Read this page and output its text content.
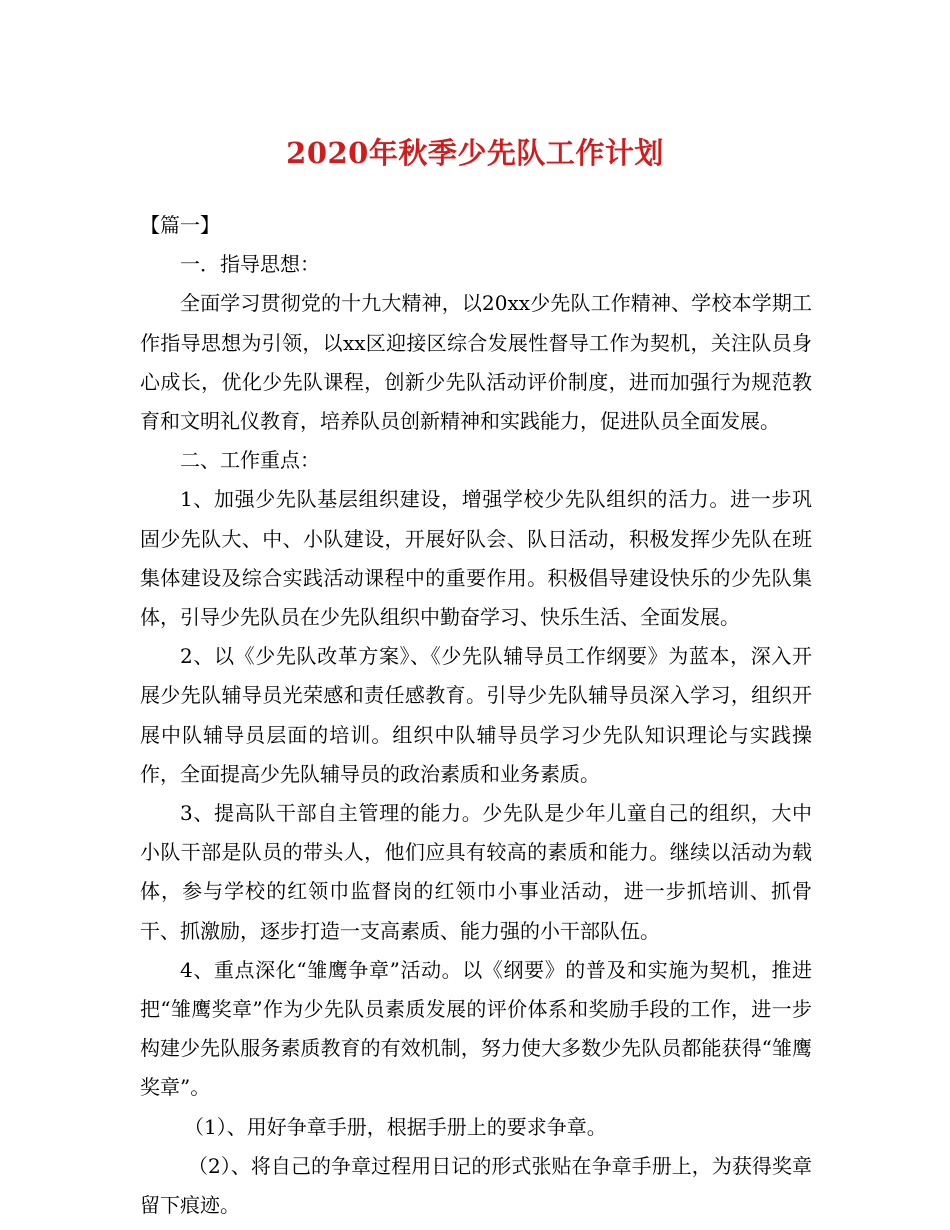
2020年秋季少先队工作计划

【篇一】

一．指导思想：

全面学习贯彻党的十九大精神，以20xx少先队工作精神、学校本学期工作指导思想为引领，以xx区迎接区综合发展性督导工作为契机，关注队员身心成长，优化少先队课程，创新少先队活动评价制度，进而加强行为规范教育和文明礼仪教育，培养队员创新精神和实践能力，促进队员全面发展。

二、工作重点：

1、加强少先队基层组织建设，增强学校少先队组织的活力。进一步巩固少先队大、中、小队建设，开展好队会、队日活动，积极发挥少先队在班集体建设及综合实践活动课程中的重要作用。积极倡导建设快乐的少先队集体，引导少先队员在少先队组织中勤奋学习、快乐生活、全面发展。

2、以《少先队改革方案》、《少先队辅导员工作纲要》为蓝本，深入开展少先队辅导员光荣感和责任感教育。引导少先队辅导员深入学习，组织开展中队辅导员层面的培训。组织中队辅导员学习少先队知识理论与实践操作，全面提高少先队辅导员的政治素质和业务素质。

3、提高队干部自主管理的能力。少先队是少年儿童自己的组织，大中小队干部是队员的带头人，他们应具有较高的素质和能力。继续以活动为载体，参与学校的红领巾监督岗的红领巾小事业活动，进一步抓培训、抓骨干、抓激励，逐步打造一支高素质、能力强的小干部队伍。

4、重点深化“雏鹰争章”活动。以《纲要》的普及和实施为契机，推进把“雏鹰奖章”作为少先队员素质发展的评价体系和奖励手段的工作，进一步构建少先队服务素质教育的有效机制，努力使大多数少先队员都能获得“雏鹰奖章”。

（1）、用好争章手册，根据手册上的要求争章。

（2）、将自己的争章过程用日记的形式张贴在争章手册上，为获得奖章留下痕迹。
